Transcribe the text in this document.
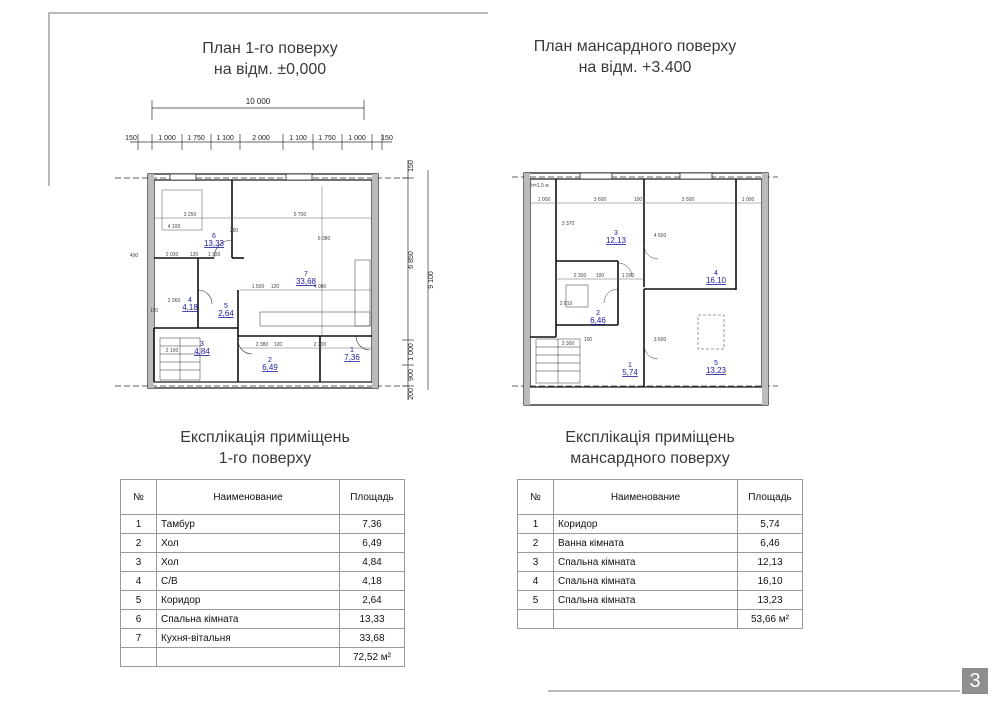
3
План 1-го поверху
на відм. ±0,000
План мансардного поверху
на відм. +3.400
10 000
150	1 000 1 750 1 100	2 000	1 100 1 750 1 000 150
150
6 850
9 100
1 000
900
200
3 250	5 700
4 100
6 080
400
250
2 030 120 1 100
1 500 120	4 080
2 380 120	2 300
2 100
2 060
120
1
7,36
2
6,49
3
4,84
4
4,18	5
2,64
6
13,33
7
33,68
1 000	3 600	100	3 500	1 000
h=1.5 м
3 370
4 600
2 300 100	1 200
2 810
3 600
2 300
100
1
5,74
2
6,46
3
12,13
4
16,10
5
13,23
Експлікація приміщень
1-го поверху
Експлікація приміщень
мансардного поверху
№	Наименование	Площадь
1	Тамбур	7,36
2	Хол	6,49
3	Хол	4,84
4	С/В	4,18
5	Коридор	2,64
6	Спальна кімната	13,33
7	Кухня-вітальня	33,68
		72,52 м²
№	Наименование	Площадь
1	Коридор	5,74
2	Ванна кімната	6,46
3	Спальна кімната	12,13
4	Спальна кімната	16,10
5	Спальна кімната	13,23
		53,66 м²
